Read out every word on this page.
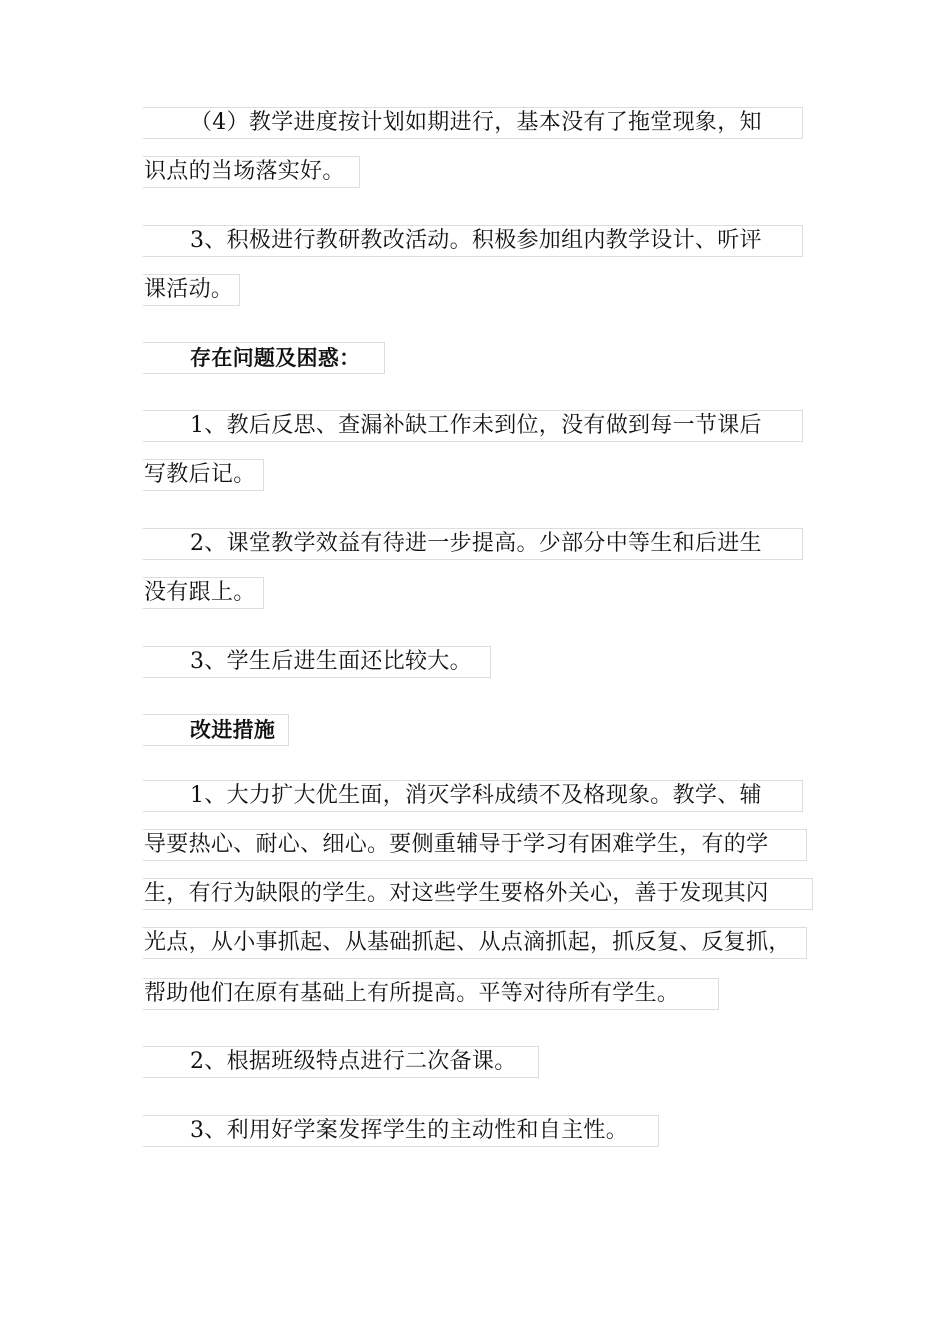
（4）教学进度按计划如期进行，基本没有了拖堂现象，知
识点的当场落实好。
3、积极进行教研教改活动。积极参加组内教学设计、听评
课活动。
存在问题及困惑：
1、教后反思、查漏补缺工作未到位，没有做到每一节课后
写教后记。
2、课堂教学效益有待进一步提高。少部分中等生和后进生
没有跟上。
3、学生后进生面还比较大。
改进措施
1、大力扩大优生面，消灭学科成绩不及格现象。教学、辅
导要热心、耐心、细心。要侧重辅导于学习有困难学生，有的学
生，有行为缺限的学生。对这些学生要格外关心，善于发现其闪
光点，从小事抓起、从基础抓起、从点滴抓起，抓反复、反复抓，
帮助他们在原有基础上有所提高。平等对待所有学生。
2、根据班级特点进行二次备课。
3、利用好学案发挥学生的主动性和自主性。
